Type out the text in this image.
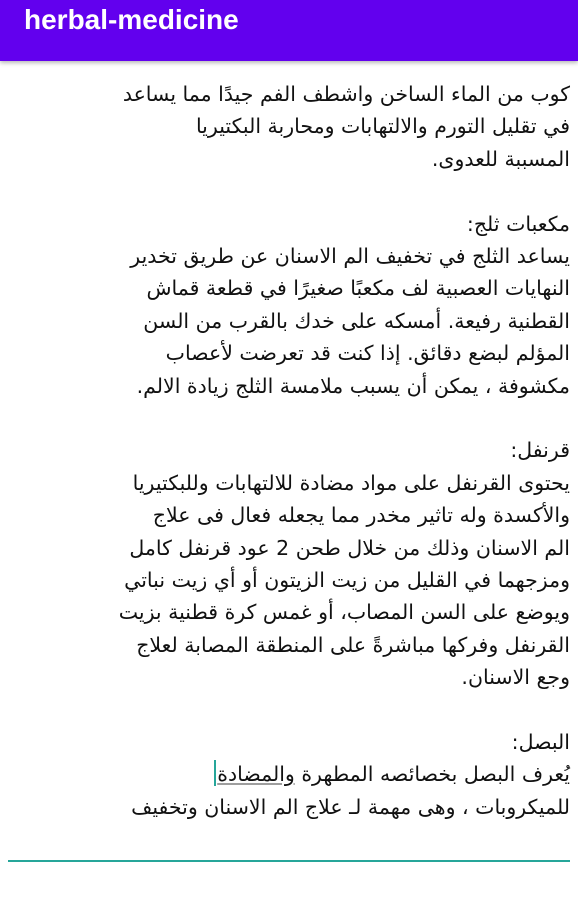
herbal-medicine

كوب من الماء الساخن واشطف الفم جيدًا مما يساعد
في تقليل التورم والالتهابات ومحاربة البكتيريا
المسببة للعدوى.

مكعبات ثلج:
يساعد الثلج في تخفيف الم الاسنان عن طريق تخدير
النهايات العصبية لف مكعبًا صغيرًا في قطعة قماش
القطنية رفيعة. أمسكه على خدك بالقرب من السن
المؤلم لبضع دقائق. إذا كنت قد تعرضت لأعصاب
مكشوفة ، يمكن أن يسبب ملامسة الثلج زيادة الالم.

قرنفل:
يحتوى القرنفل على مواد مضادة للالتهابات وللبكتيريا
والأكسدة وله تاثير مخدر مما يجعله فعال فى علاج
الم الاسنان وذلك من خلال طحن 2 عود قرنفل كامل
ومزجهما في القليل من زيت الزيتون أو أي زيت نباتي
ويوضع على السن المصاب، أو غمس كرة قطنية بزيت
القرنفل وفركها مباشرةً على المنطقة المصابة لعلاج
وجع الاسنان.

البصل:

يُعرف البصل بخصائصه المطهرة والمضادة

للميكروبات ، وهى مهمة لـ علاج الم الاسنان وتخفيف
